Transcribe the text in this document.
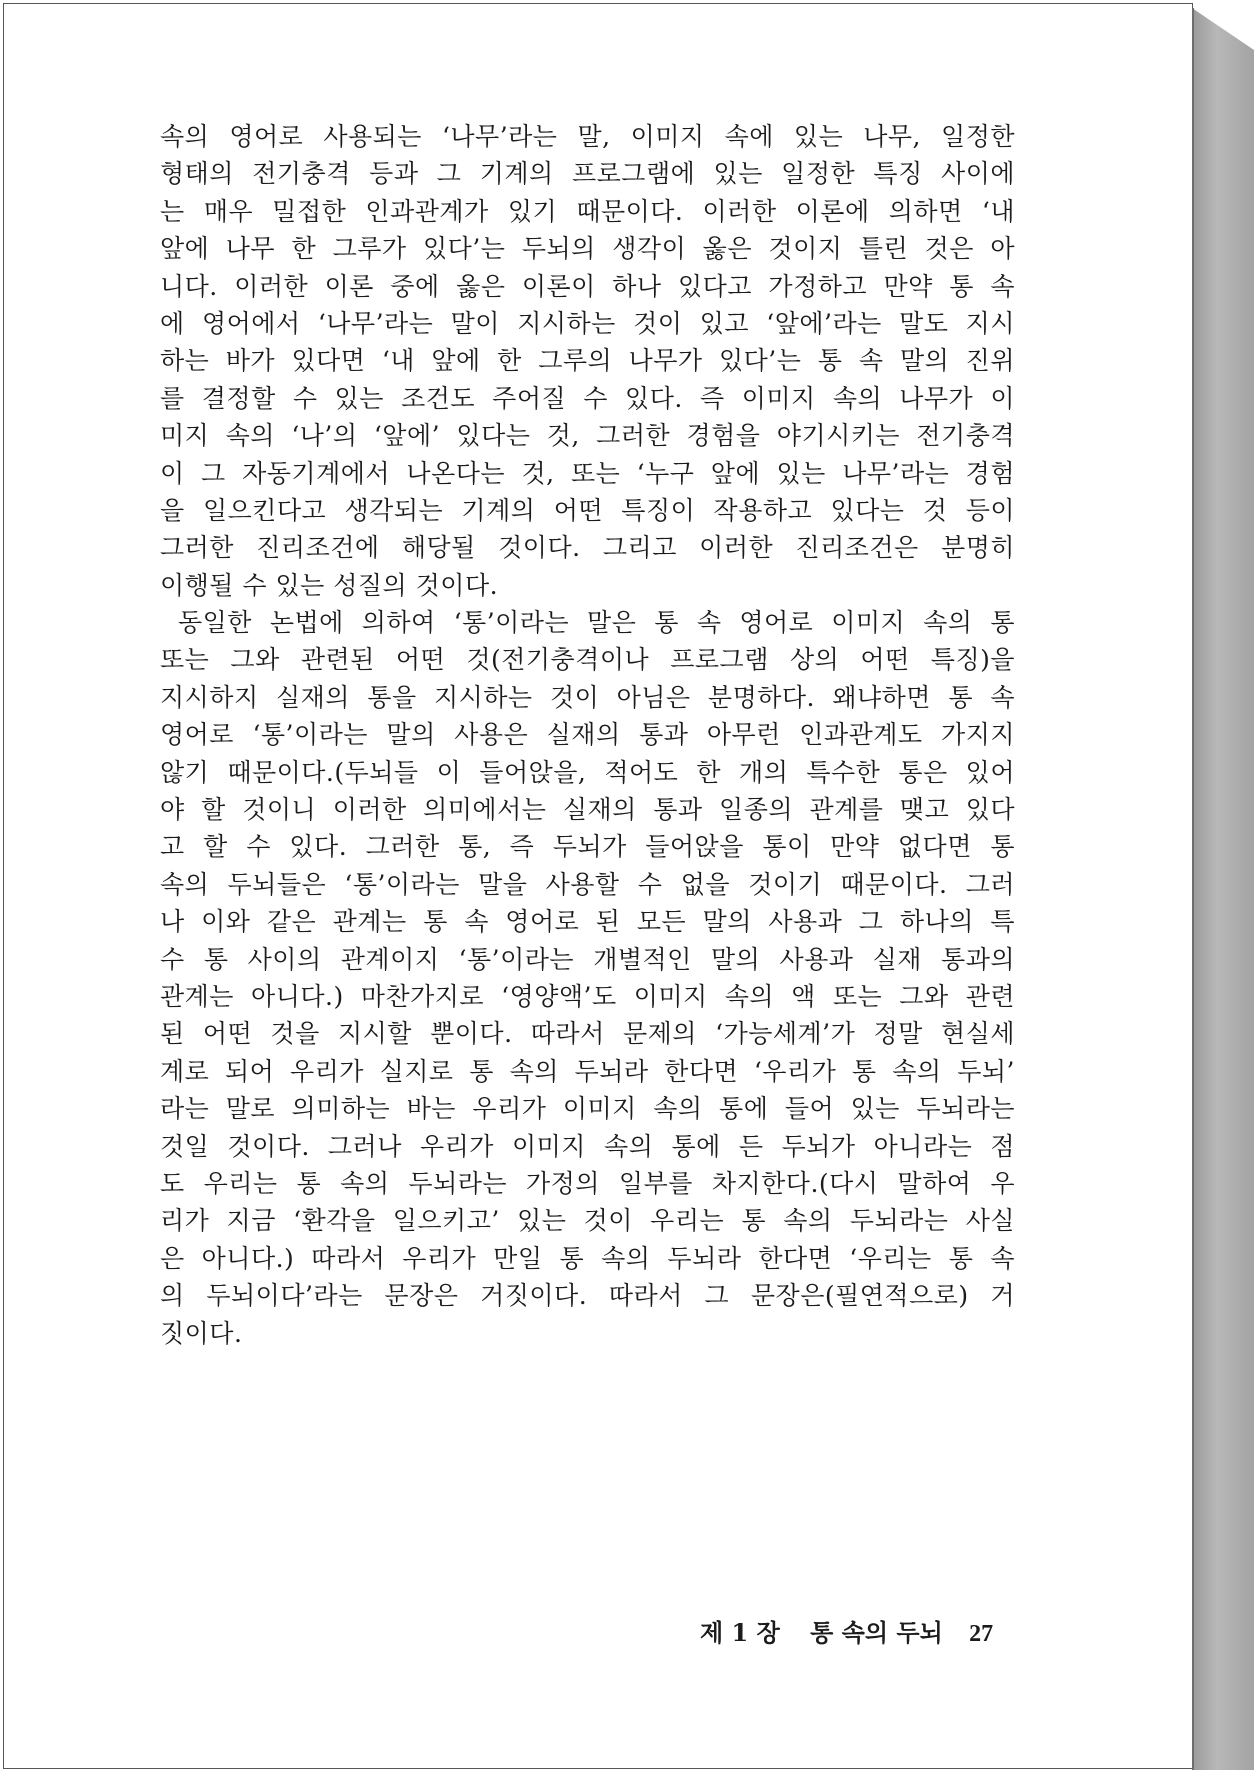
속의 영어로 사용되는 ‘나무’라는 말, 이미지 속에 있는 나무, 일정한
형태의 전기충격 등과 그 기계의 프로그램에 있는 일정한 특징 사이에
는 매우 밀접한 인과관계가 있기 때문이다. 이러한 이론에 의하면 ‘내
앞에 나무 한 그루가 있다’는 두뇌의 생각이 옳은 것이지 틀린 것은 아
니다. 이러한 이론 중에 옳은 이론이 하나 있다고 가정하고 만약 통 속
에 영어에서 ‘나무’라는 말이 지시하는 것이 있고 ‘앞에’라는 말도 지시
하는 바가 있다면 ‘내 앞에 한 그루의 나무가 있다’는 통 속 말의 진위
를 결정할 수 있는 조건도 주어질 수 있다. 즉 이미지 속의 나무가 이
미지 속의 ‘나’의 ‘앞에’ 있다는 것, 그러한 경험을 야기시키는 전기충격
이 그 자동기계에서 나온다는 것, 또는 ‘누구 앞에 있는 나무’라는 경험
을 일으킨다고 생각되는 기계의 어떤 특징이 작용하고 있다는 것 등이
그러한 진리조건에 해당될 것이다. 그리고 이러한 진리조건은 분명히
이행될 수 있는 성질의 것이다.
동일한 논법에 의하여 ‘통’이라는 말은 통 속 영어로 이미지 속의 통
또는 그와 관련된 어떤 것(전기충격이나 프로그램 상의 어떤 특징)을
지시하지 실재의 통을 지시하는 것이 아님은 분명하다. 왜냐하면 통 속
영어로 ‘통’이라는 말의 사용은 실재의 통과 아무런 인과관계도 가지지
않기 때문이다.(두뇌들 이 들어앉을, 적어도 한 개의 특수한 통은 있어
야 할 것이니 이러한 의미에서는 실재의 통과 일종의 관계를 맺고 있다
고 할 수 있다. 그러한 통, 즉 두뇌가 들어앉을 통이 만약 없다면 통
속의 두뇌들은 ‘통’이라는 말을 사용할 수 없을 것이기 때문이다. 그러
나 이와 같은 관계는 통 속 영어로 된 모든 말의 사용과 그 하나의 특
수 통 사이의 관계이지 ‘통’이라는 개별적인 말의 사용과 실재 통과의
관계는 아니다.) 마찬가지로 ‘영양액’도 이미지 속의 액 또는 그와 관련
된 어떤 것을 지시할 뿐이다. 따라서 문제의 ‘가능세계’가 정말 현실세
계로 되어 우리가 실지로 통 속의 두뇌라 한다면 ‘우리가 통 속의 두뇌’
라는 말로 의미하는 바는 우리가 이미지 속의 통에 들어 있는 두뇌라는
것일 것이다. 그러나 우리가 이미지 속의 통에 든 두뇌가 아니라는 점
도 우리는 통 속의 두뇌라는 가정의 일부를 차지한다.(다시 말하여 우
리가 지금 ‘환각을 일으키고’ 있는 것이 우리는 통 속의 두뇌라는 사실
은 아니다.) 따라서 우리가 만일 통 속의 두뇌라 한다면 ‘우리는 통 속
의 두뇌이다’라는 문장은 거짓이다. 따라서 그 문장은(필연적으로) 거
짓이다.
제 1 장 통 속의 두뇌 27
